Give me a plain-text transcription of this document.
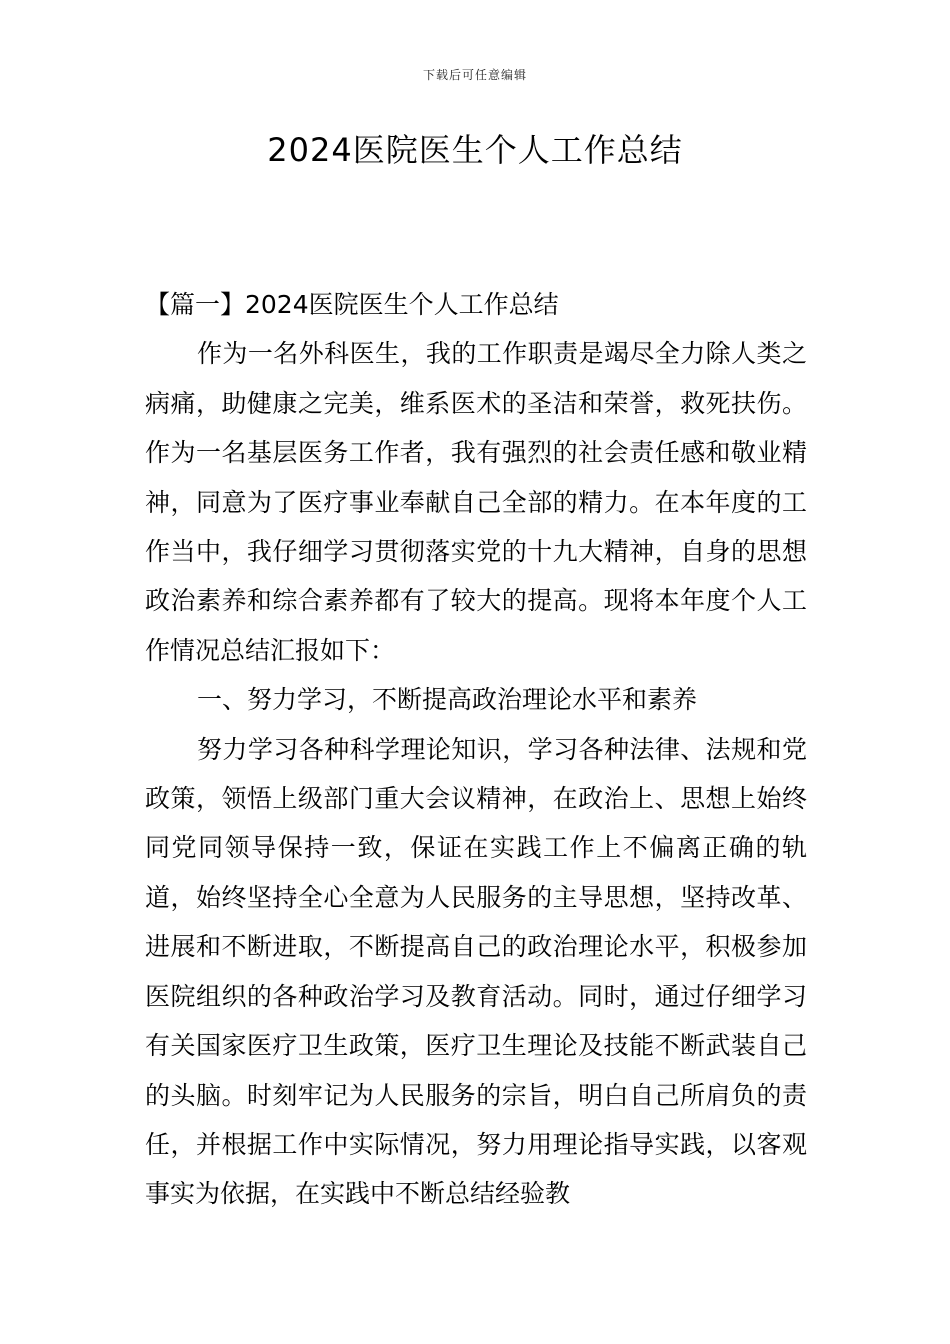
下载后可任意编辑
2024医院医生个人工作总结

【篇一】2024医院医生个人工作总结

作为一名外科医生，我的工作职责是竭尽全力除人类之病痛，助健康之完美，维系医术的圣洁和荣誉，救死扶伤。作为一名基层医务工作者，我有强烈的社会责任感和敬业精神，同意为了医疗事业奉献自己全部的精力。在本年度的工作当中，我仔细学习贯彻落实党的十九大精神，自身的思想政治素养和综合素养都有了较大的提高。现将本年度个人工作情况总结汇报如下：

一、努力学习，不断提高政治理论水平和素养

努力学习各种科学理论知识，学习各种法律、法规和党政策，领悟上级部门重大会议精神，在政治上、思想上始终同党同领导保持一致，保证在实践工作上不偏离正确的轨道，始终坚持全心全意为人民服务的主导思想，坚持改革、进展和不断进取，不断提高自己的政治理论水平，积极参加医院组织的各种政治学习及教育活动。同时，通过仔细学习有关国家医疗卫生政策，医疗卫生理论及技能不断武装自己的头脑。时刻牢记为人民服务的宗旨，明白自己所肩负的责任，并根据工作中实际情况，努力用理论指导实践，以客观事实为依据，在实践中不断总结经验教
